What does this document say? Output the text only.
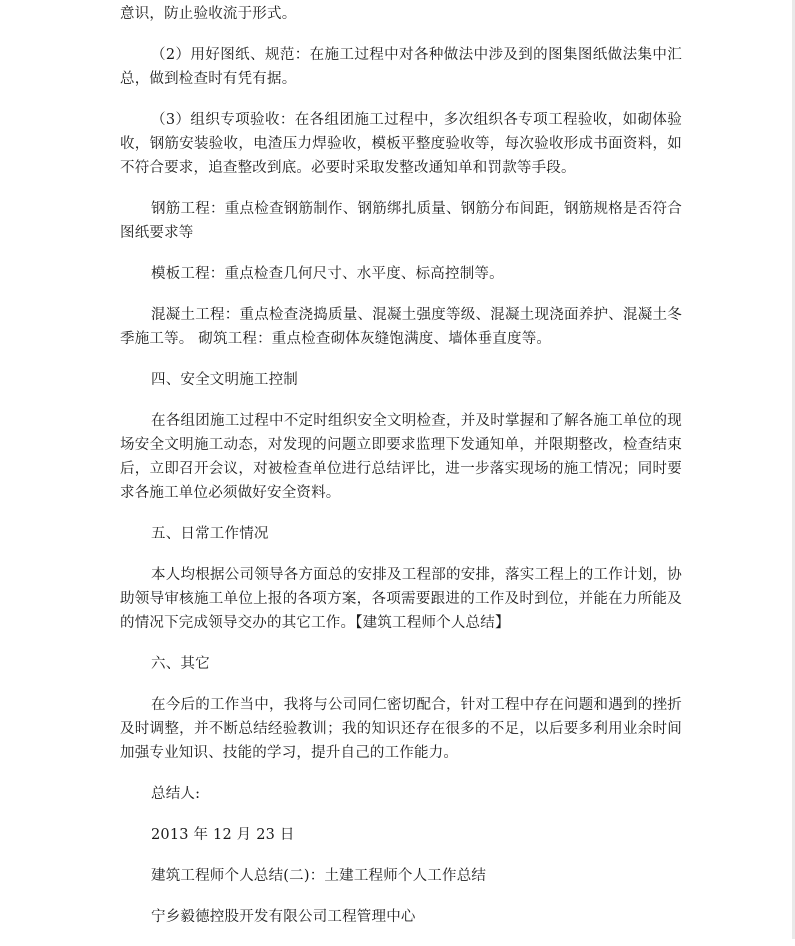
意识，防止验收流于形式。

（2）用好图纸、规范：在施工过程中对各种做法中涉及到的图集图纸做法集中汇总，做到检查时有凭有据。

（3）组织专项验收：在各组团施工过程中，多次组织各专项工程验收，如砌体验收，钢筋安装验收，电渣压力焊验收，模板平整度验收等，每次验收形成书面资料，如不符合要求，追查整改到底。必要时采取发整改通知单和罚款等手段。

钢筋工程：重点检查钢筋制作、钢筋绑扎质量、钢筋分布间距，钢筋规格是否符合图纸要求等

模板工程：重点检查几何尺寸、水平度、标高控制等。

混凝土工程：重点检查浇捣质量、混凝土强度等级、混凝土现浇面养护、混凝土冬季施工等。 砌筑工程：重点检查砌体灰缝饱满度、墙体垂直度等。

四、安全文明施工控制

在各组团施工过程中不定时组织安全文明检查，并及时掌握和了解各施工单位的现场安全文明施工动态，对发现的问题立即要求监理下发通知单，并限期整改，检查结束后，立即召开会议，对被检查单位进行总结评比，进一步落实现场的施工情况；同时要求各施工单位必须做好安全资料。

五、日常工作情况

本人均根据公司领导各方面总的安排及工程部的安排，落实工程上的工作计划，协助领导审核施工单位上报的各项方案，各项需要跟进的工作及时到位，并能在力所能及的情况下完成领导交办的其它工作。【建筑工程师个人总结】

六、其它

在今后的工作当中，我将与公司同仁密切配合，针对工程中存在问题和遇到的挫折及时调整，并不断总结经验教训；我的知识还存在很多的不足，以后要多利用业余时间加强专业知识、技能的学习，提升自己的工作能力。

总结人:

2013 年 12 月 23 日

建筑工程师个人总结(二)：土建工程师个人工作总结

宁乡毅德控股开发有限公司工程管理中心
